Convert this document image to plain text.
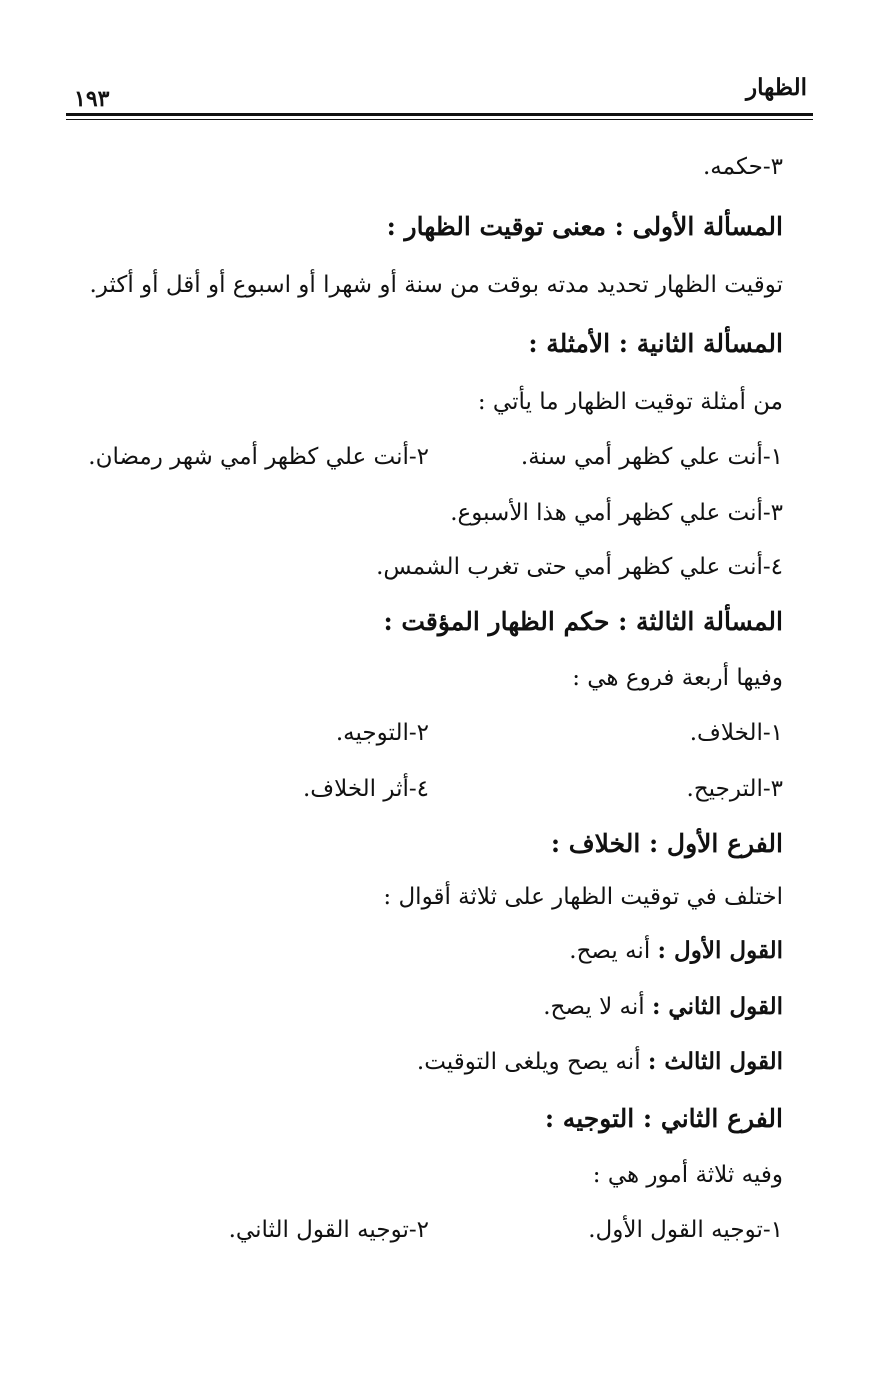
الظهار
١٩٣
٣-حكمه.
المسألة الأولى : معنى توقيت الظهار :
توقيت الظهار تحديد مدته بوقت من سنة أو شهرا أو اسبوع أو أقل أو أكثر.
المسألة الثانية : الأمثلة :
من أمثلة توقيت الظهار ما يأتي :
١-أنت علي كظهر أمي سنة.
٢-أنت علي كظهر أمي شهر رمضان.
٣-أنت علي كظهر أمي هذا الأسبوع.
٤-أنت علي كظهر أمي حتى تغرب الشمس.
المسألة الثالثة : حكم الظهار المؤقت :
وفيها أربعة فروع هي :
١-الخلاف.
٢-التوجيه.
٣-الترجيح.
٤-أثر الخلاف.
الفرع الأول : الخلاف :
اختلف في توقيت الظهار على ثلاثة أقوال :
القول الأول : أنه يصح.
القول الثاني : أنه لا يصح.
القول الثالث : أنه يصح ويلغى التوقيت.
الفرع الثاني : التوجيه :
وفيه ثلاثة أمور هي :
١-توجيه القول الأول.
٢-توجيه القول الثاني.
